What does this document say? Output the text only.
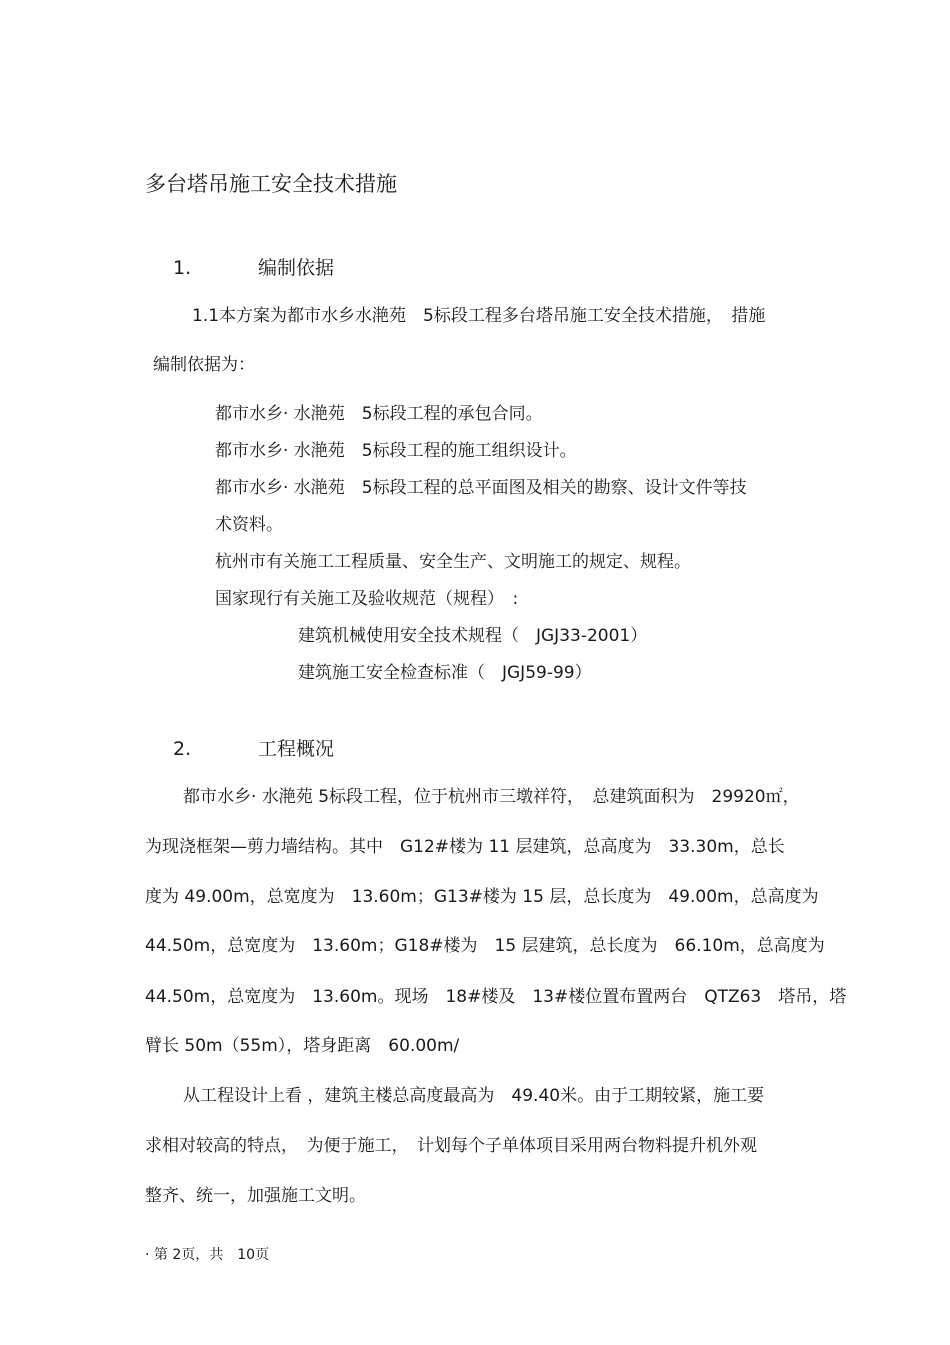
多台塔吊施工安全技术措施
1.	编制依据
1.1本方案为都市水乡水滟苑　5标段工程多台塔吊施工安全技术措施，　措施
编制依据为：
都市水乡· 水滟苑　5标段工程的承包合同。
都市水乡· 水滟苑　5标段工程的施工组织设计。
都市水乡· 水滟苑　5标段工程的总平面图及相关的勘察、设计文件等技
术资料。
杭州市有关施工工程质量、安全生产、文明施工的规定、规程。
国家现行有关施工及验收规范（规程）　:
建筑机械使用安全技术规程（　JGJ33-2001）
建筑施工安全检查标准（　JGJ59-99）
2.	工程概况
都市水乡· 水滟苑 5标段工程，位于杭州市三墩祥符，　总建筑面积为　29920㎡，
为现浇框架—剪力墙结构。其中　G12#楼为 11 层建筑，总高度为　33.30m，总长
度为 49.00m，总宽度为　13.60m；G13#楼为 15 层，总长度为　49.00m，总高度为
44.50m，总宽度为　13.60m；G18#楼为　15 层建筑，总长度为　66.10m，总高度为
44.50m，总宽度为　13.60m。现场　18#楼及　13#楼位置布置两台　QTZ63　塔吊，塔
臂长 50m（55m），塔身距离　60.00m/
从工程设计上看 ，建筑主楼总高度最高为　49.40米。由于工期较紧，施工要
求相对较高的特点，　为便于施工，　计划每个子单体项目采用两台物料提升机外观
整齐、统一，加强施工文明。
· 第 2页，共　10页
